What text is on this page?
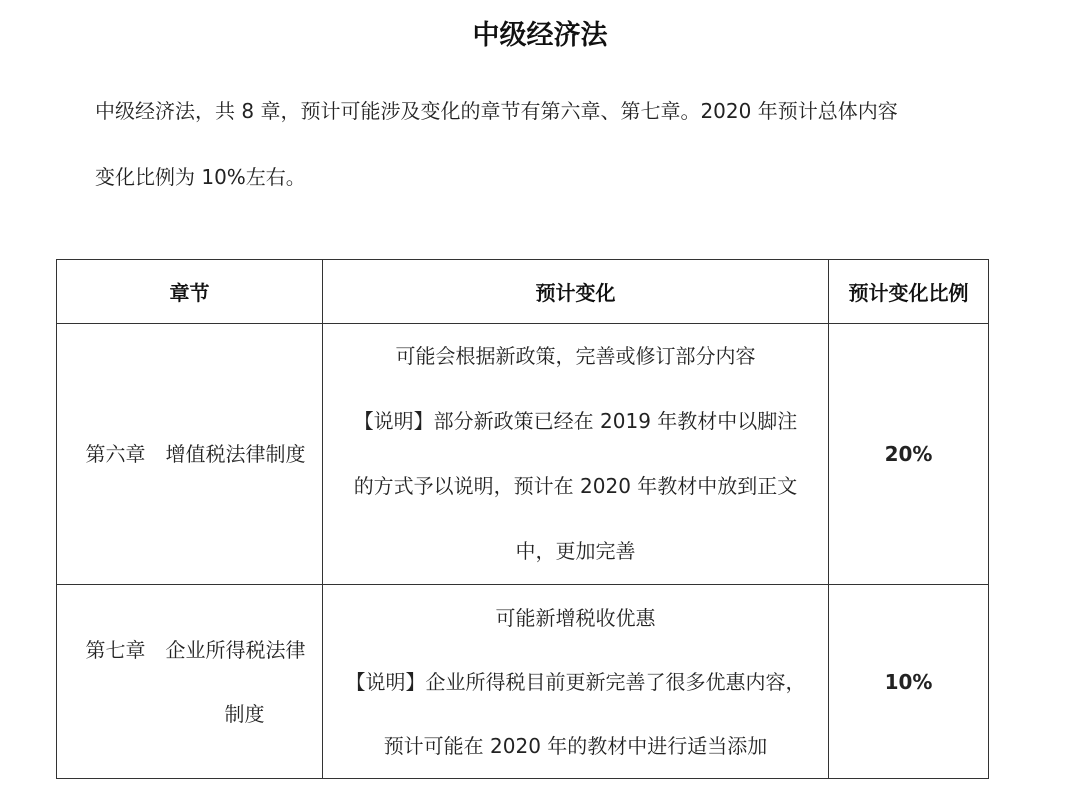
中级经济法
中级经济法，共 8 章，预计可能涉及变化的章节有第六章、第七章。2020 年预计总体内容
变化比例为 10%左右。
章节	预计变化	预计变化比例

第六章　增值税法律制度	可能会根据新政策，完善或修订部分内容
【说明】部分新政策已经在 2019 年教材中以脚注
的方式予以说明，预计在 2020 年教材中放到正文
中，更加完善	20%

第七章　企业所得税法律
制度	可能新增税收优惠
【说明】企业所得税目前更新完善了很多优惠内容，
预计可能在 2020 年的教材中进行适当添加	10%
